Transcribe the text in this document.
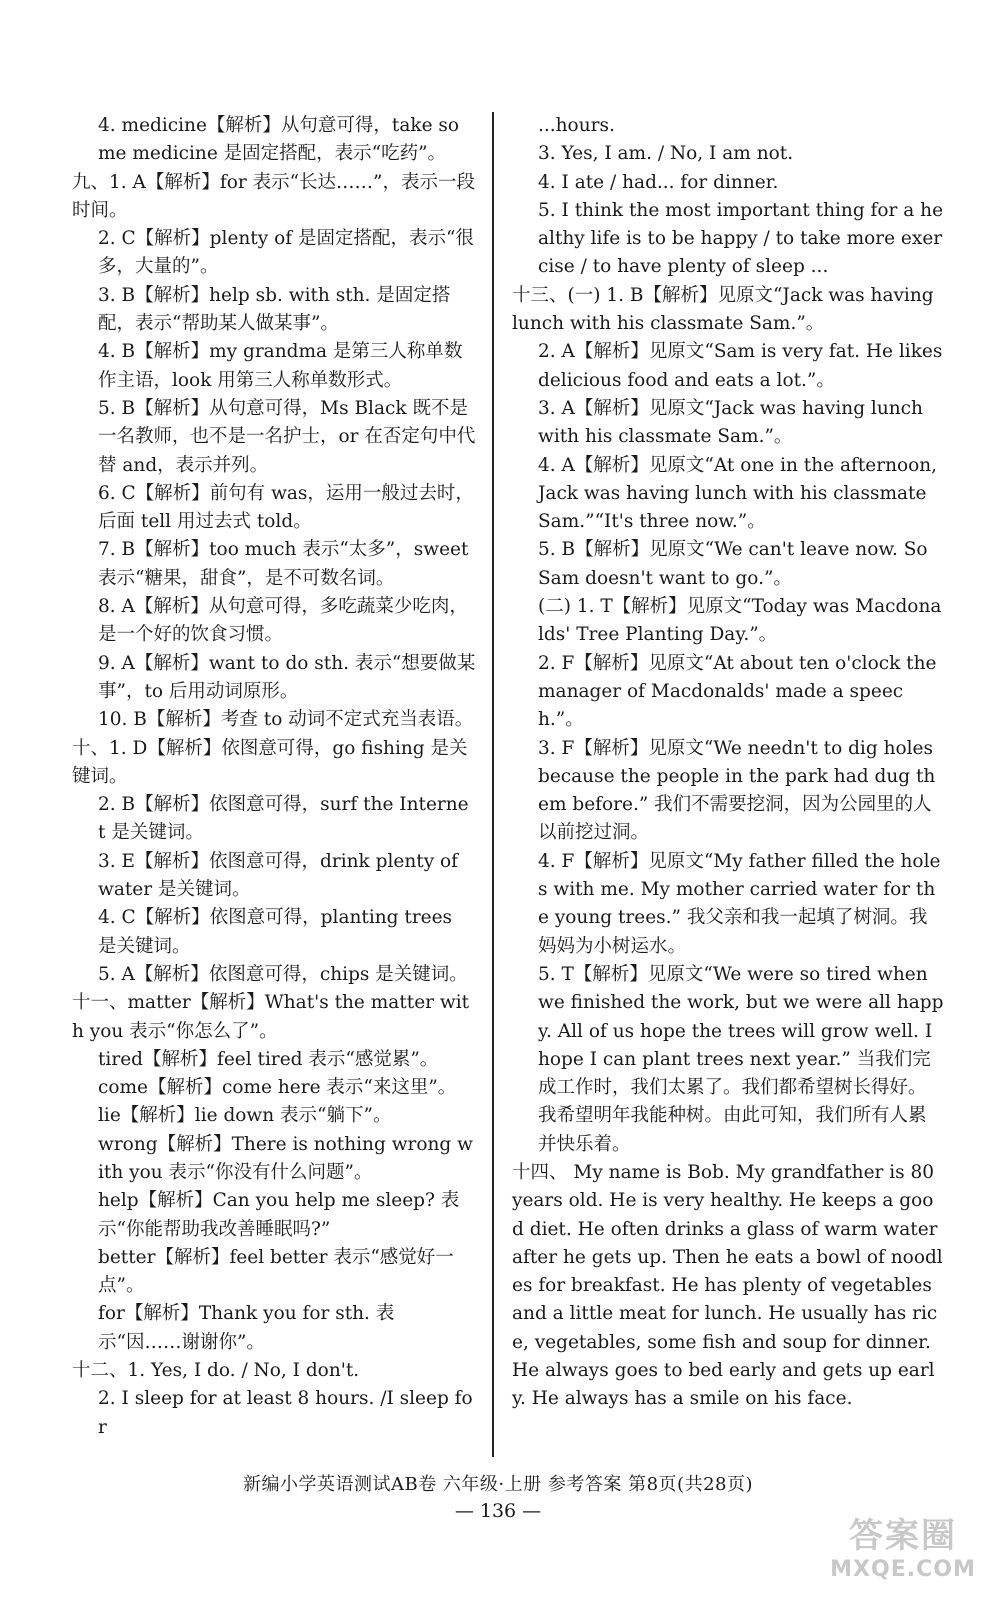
4. medicine【解析】从句意可得，take some medicine 是固定搭配，表示“吃药”。
九、1. A【解析】for 表示“长达……”，表示一段时间。
2. C【解析】plenty of 是固定搭配，表示“很多，大量的”。
3. B【解析】help sb. with sth. 是固定搭配，表示“帮助某人做某事”。
4. B【解析】my grandma 是第三人称单数作主语，look 用第三人称单数形式。
5. B【解析】从句意可得，Ms Black 既不是一名教师，也不是一名护士，or 在否定句中代替 and，表示并列。
6. C【解析】前句有 was，运用一般过去时，后面 tell 用过去式 told。
7. B【解析】too much 表示“太多”，sweet 表示“糖果，甜食”，是不可数名词。
8. A【解析】从句意可得，多吃蔬菜少吃肉，是一个好的饮食习惯。
9. A【解析】want to do sth. 表示“想要做某事”，to 后用动词原形。
10. B【解析】考查 to 动词不定式充当表语。
十、1. D【解析】依图意可得，go fishing 是关键词。
2. B【解析】依图意可得，surf the Internet 是关键词。
3. E【解析】依图意可得，drink plenty of water 是关键词。
4. C【解析】依图意可得，planting trees 是关键词。
5. A【解析】依图意可得，chips 是关键词。
十一、matter【解析】What's the matter with you 表示“你怎么了”。
tired【解析】feel tired 表示“感觉累”。
come【解析】come here 表示“来这里”。
lie【解析】lie down 表示“躺下”。
wrong【解析】There is nothing wrong with you 表示“你没有什么问题”。
help【解析】Can you help me sleep? 表示“你能帮助我改善睡眠吗?”
better【解析】feel better 表示“感觉好一点”。
for【解析】Thank you for sth. 表示“因……谢谢你”。
十二、1. Yes, I do. / No, I don't.
2. I sleep for at least 8 hours. /I sleep for
...hours.
3. Yes, I am. / No, I am not.
4. I ate / had... for dinner.
5. I think the most important thing for a healthy life is to be happy / to take more exercise / to have plenty of sleep ...
十三、(一) 1. B【解析】见原文“Jack was having lunch with his classmate Sam.”。
2. A【解析】见原文“Sam is very fat. He likes delicious food and eats a lot.”。
3. A【解析】见原文“Jack was having lunch with his classmate Sam.”。
4. A【解析】见原文“At one in the afternoon, Jack was having lunch with his classmate Sam.”“It's three now.”。
5. B【解析】见原文“We can't leave now. So Sam doesn't want to go.”。
(二) 1. T【解析】见原文“Today was Macdonalds' Tree Planting Day.”。
2. F【解析】见原文“At about ten o'clock the manager of Macdonalds' made a speech.”。
3. F【解析】见原文“We needn't to dig holes because the people in the park had dug them before.” 我们不需要挖洞，因为公园里的人以前挖过洞。
4. F【解析】见原文“My father filled the holes with me. My mother carried water for the young trees.” 我父亲和我一起填了树洞。我妈妈为小树运水。
5. T【解析】见原文“We were so tired when we finished the work, but we were all happy. All of us hope the trees will grow well. I hope I can plant trees next year.” 当我们完成工作时，我们太累了。我们都希望树长得好。我希望明年我能种树。由此可知，我们所有人累并快乐着。
十四、 My name is Bob. My grandfather is 80 years old. He is very healthy. He keeps a good diet. He often drinks a glass of warm water after he gets up. Then he eats a bowl of noodles for breakfast. He has plenty of vegetables and a little meat for lunch. He usually has rice, vegetables, some fish and soup for dinner. He always goes to bed early and gets up early. He always has a smile on his face.
新编小学英语测试AB卷 六年级·上册 参考答案 第8页(共28页)
— 136 —
答案圈
MXQE.COM
